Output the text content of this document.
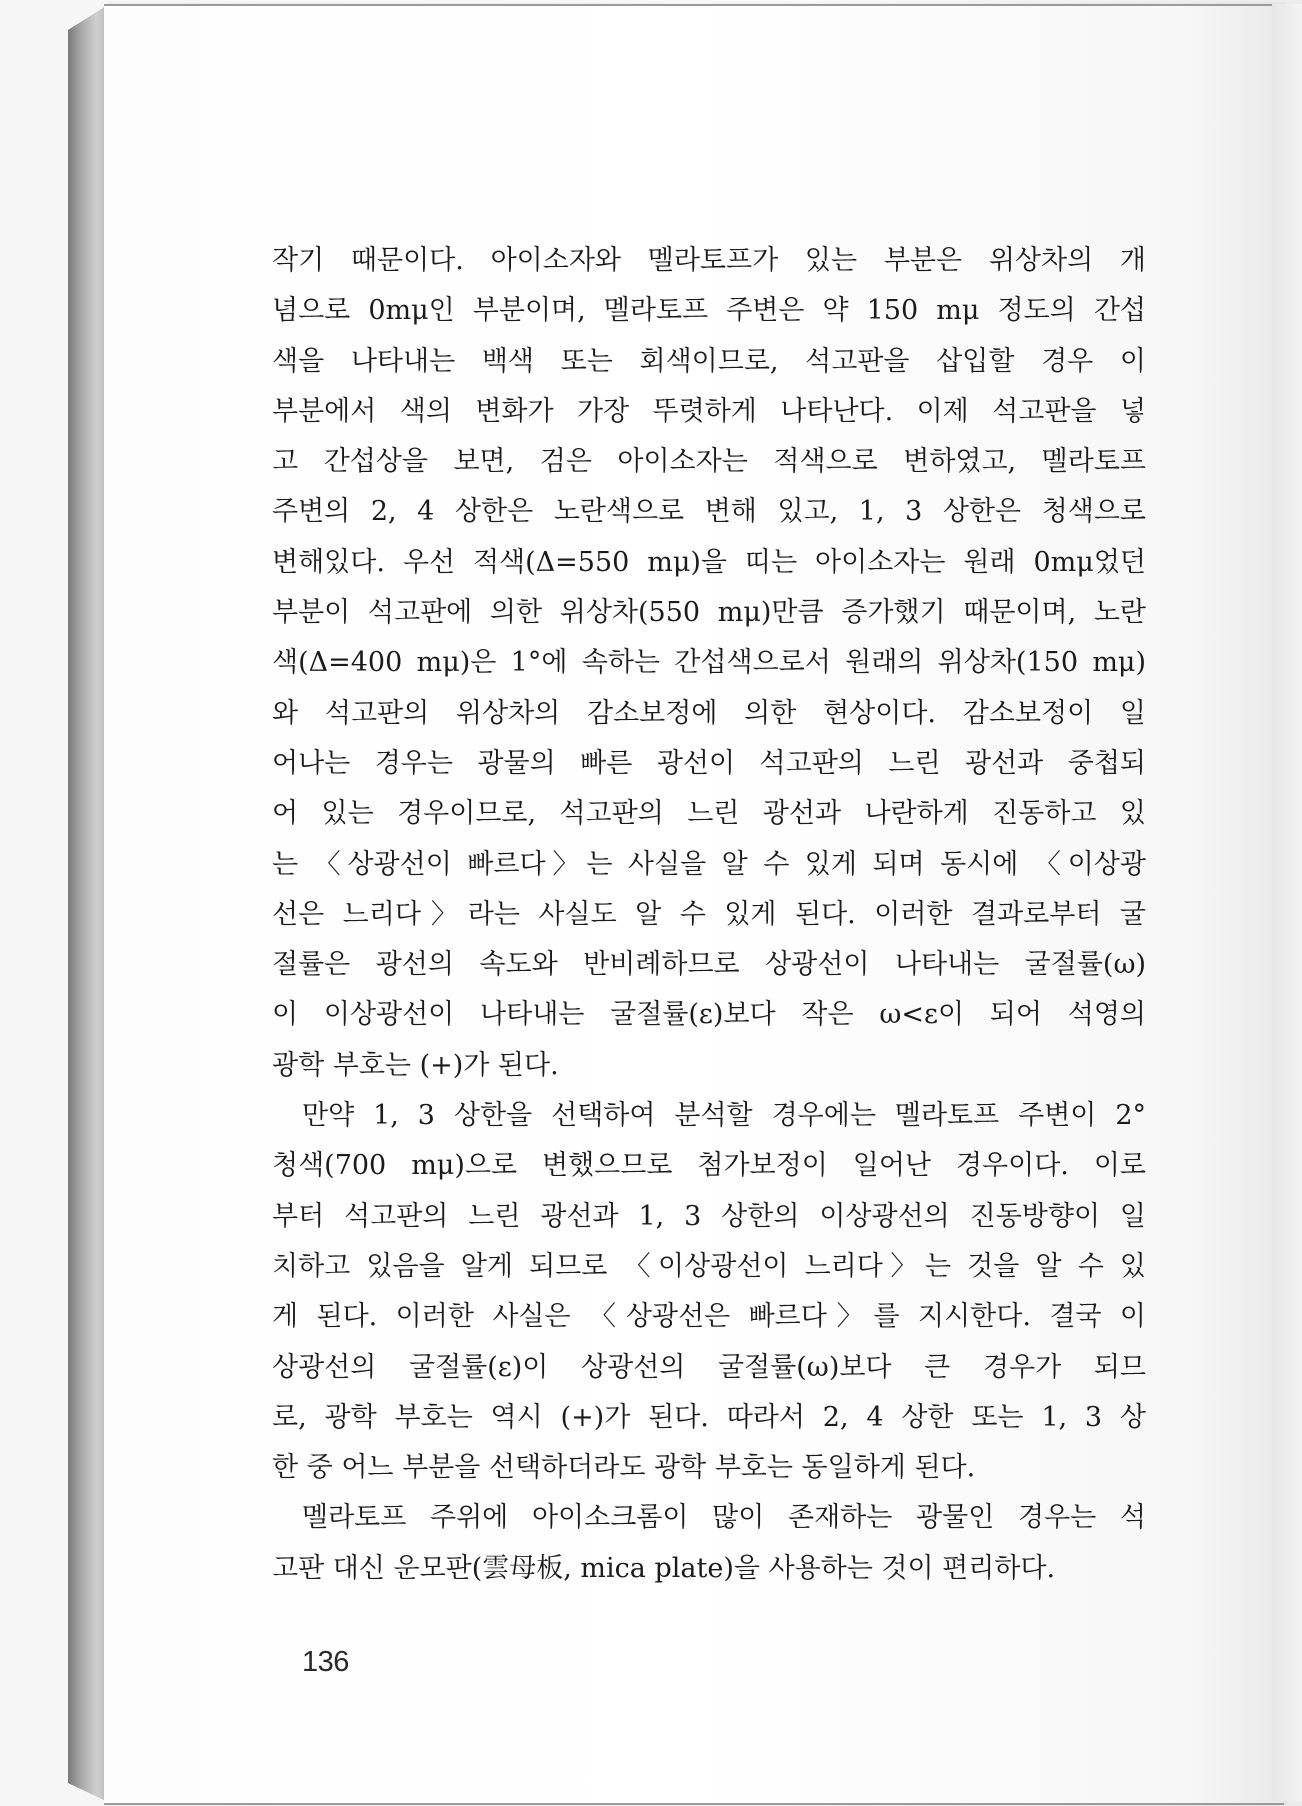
작기 때문이다. 아이소자와 멜라토프가 있는 부분은 위상차의 개
념으로 0mμ인 부분이며, 멜라토프 주변은 약 150 mμ 정도의 간섭
색을 나타내는 백색 또는 회색이므로, 석고판을 삽입할 경우 이
부분에서 색의 변화가 가장 뚜렷하게 나타난다. 이제 석고판을 넣
고 간섭상을 보면, 검은 아이소자는 적색으로 변하였고, 멜라토프
주변의 2, 4 상한은 노란색으로 변해 있고, 1, 3 상한은 청색으로
변해있다. 우선 적색(Δ=550 mμ)을 띠는 아이소자는 원래 0mμ었던
부분이 석고판에 의한 위상차(550 mμ)만큼 증가했기 때문이며, 노란
색(Δ=400 mμ)은 1°에 속하는 간섭색으로서 원래의 위상차(150 mμ)
와 석고판의 위상차의 감소보정에 의한 현상이다. 감소보정이 일
어나는 경우는 광물의 빠른 광선이 석고판의 느린 광선과 중첩되
어 있는 경우이므로, 석고판의 느린 광선과 나란하게 진동하고 있
는 〈상광선이 빠르다〉는 사실을 알 수 있게 되며 동시에 〈이상광
선은 느리다〉라는 사실도 알 수 있게 된다. 이러한 결과로부터 굴
절률은 광선의 속도와 반비례하므로 상광선이 나타내는 굴절률(ω)
이 이상광선이 나타내는 굴절률(ε)보다 작은 ω<ε이 되어 석영의
광학 부호는 (+)가 된다.
만약 1, 3 상한을 선택하여 분석할 경우에는 멜라토프 주변이 2°
청색(700 mμ)으로 변했으므로 첨가보정이 일어난 경우이다. 이로
부터 석고판의 느린 광선과 1, 3 상한의 이상광선의 진동방향이 일
치하고 있음을 알게 되므로 〈이상광선이 느리다〉는 것을 알 수 있
게 된다. 이러한 사실은 〈상광선은 빠르다〉를 지시한다. 결국 이
상광선의 굴절률(ε)이 상광선의 굴절률(ω)보다 큰 경우가 되므
로, 광학 부호는 역시 (+)가 된다. 따라서 2, 4 상한 또는 1, 3 상
한 중 어느 부분을 선택하더라도 광학 부호는 동일하게 된다.
멜라토프 주위에 아이소크롬이 많이 존재하는 광물인 경우는 석
고판 대신 운모판(雲母板, mica plate)을 사용하는 것이 편리하다.
136
